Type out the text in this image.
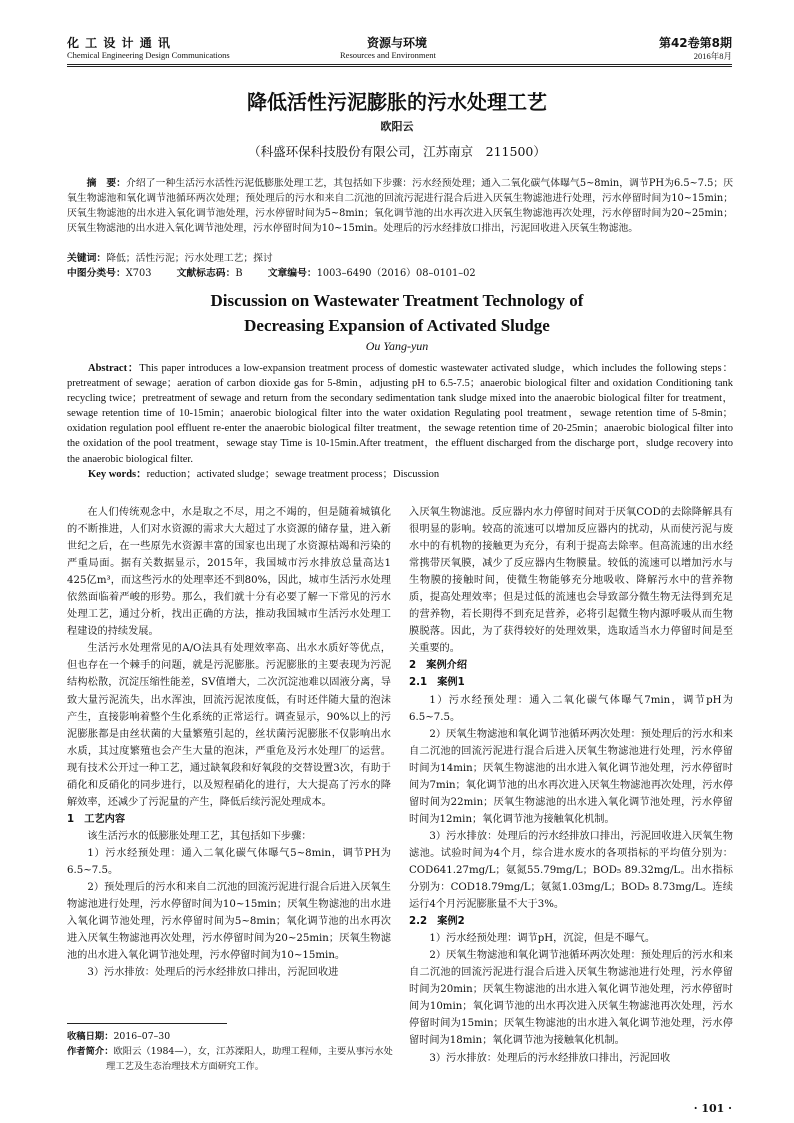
化 工 设 计 通 讯
Chemical Engineering Design Communications
资源与环境
Resources and Environment
第42卷第8期
2016年8月
降低活性污泥膨胀的污水处理工艺
欧阳云
（科盛环保科技股份有限公司，江苏南京　211500）
摘　要：介绍了一种生活污水活性污泥低膨胀处理工艺，其包括如下步骤：污水经预处理；通入二氧化碳气体曝气5~8min，调节PH为6.5~7.5；厌氧生物滤池和氧化调节池循环两次处理；预处理后的污水和来自二沉池的回流污泥进行混合后进入厌氧生物滤池进行处理，污水停留时间为10~15min；厌氧生物滤池的出水进入氧化调节池处理，污水停留时间为5~8min；氧化调节池的出水再次进入厌氧生物滤池再次处理，污水停留时间为20~25min；厌氧生物滤池的出水进入氧化调节池处理，污水停留时间为10~15min。处理后的污水经排放口排出，污泥回收进入厌氧生物滤池。
关键词：降低；活性污泥；污水处理工艺；探讨
中图分类号：X703	文献标志码：B	文章编号：1003–6490（2016）08–0101–02
Discussion on Wastewater Treatment Technology of
Decreasing Expansion of Activated Sludge
Ou Yang-yun
Abstract：This paper introduces a low-expansion treatment process of domestic wastewater activated sludge，which includes the following steps：pretreatment of sewage；aeration of carbon dioxide gas for 5-8min，adjusting pH to 6.5-7.5；anaerobic biological filter and oxidation Conditioning tank recycling twice；pretreatment of sewage and return from the secondary sedimentation tank sludge mixed into the anaerobic biological filter for treatment，sewage retention time of 10-15min；anaerobic biological filter into the water oxidation Regulating pool treatment，sewage retention time of 5-8min；oxidation regulation pool effluent re-enter the anaerobic biological filter treatment，the sewage retention time of 20-25min；anaerobic biological filter into the oxidation of the pool treatment，sewage stay Time is 10-15min.After treatment，the effluent discharged from the discharge port，sludge recovery into the anaerobic biological filter.
Key words：reduction；activated sludge；sewage treatment process；Discussion

在人们传统观念中，水是取之不尽，用之不竭的，但是随着城镇化的不断推进，人们对水资源的需求大大超过了水资源的储存量，进入新世纪之后，在一些原先水资源丰富的国家也出现了水资源枯竭和污染的严重局面。据有关数据显示，2015年，我国城市污水排放总量高达1 425亿m³，而这些污水的处理率还不到80%，因此，城市生活污水处理依然面临着严峻的形势。那么，我们就十分有必要了解一下常见的污水处理工艺，通过分析，找出正确的方法，推动我国城市生活污水处理工程建设的持续发展。

生活污水处理常见的A/O法具有处理效率高、出水水质好等优点，但也存在一个棘手的问题，就是污泥膨胀。污泥膨胀的主要表现为污泥结构松散，沉淀压缩性能差，SV值增大，二次沉淀池难以固液分离，导致大量污泥流失，出水浑浊，回流污泥浓度低，有时还伴随大量的泡沫产生，直接影响着整个生化系统的正常运行。调查显示，90%以上的污泥膨胀都是由丝状菌的大量繁殖引起的，丝状菌污泥膨胀不仅影响出水水质，其过度繁殖也会产生大量的泡沫，严重危及污水处理厂的运营。现有技术公开过一种工艺，通过缺氧段和好氧段的交替设置3次，有助于硝化和反硝化的同步进行，以及短程硝化的进行，大大提高了污水的降解效率，还减少了污泥量的产生，降低后续污泥处理成本。

1　工艺内容

该生活污水的低膨胀处理工艺，其包括如下步骤：

1）污水经预处理：通入二氧化碳气体曝气5~8min，调节PH为6.5~7.5。

2）预处理后的污水和来自二沉池的回流污泥进行混合后进入厌氧生物滤池进行处理，污水停留时间为10~15min；厌氧生物滤池的出水进入氧化调节池处理，污水停留时间为5~8min；氧化调节池的出水再次进入厌氧生物滤池再次处理，污水停留时间为20~25min；厌氧生物滤池的出水进入氧化调节池处理，污水停留时间为10~15min。

3）污水排放：处理后的污水经排放口排出，污泥回收进

入厌氧生物滤池。反应器内水力停留时间对于厌氧COD的去除降解具有很明显的影响。较高的流速可以增加反应器内的扰动，从而使污泥与废水中的有机物的接触更为充分，有利于提高去除率。但高流速的出水经常携带厌氧膜，减少了反应器内生物膜量。较低的流速可以增加污水与生物膜的接触时间，使微生物能够充分地吸收、降解污水中的营养物质，提高处理效率；但是过低的流速也会导致部分微生物无法得到充足的营养物，若长期得不到充足营养，必将引起微生物内源呼吸从而生物膜脱落。因此，为了获得较好的处理效果，选取适当水力停留时间是至关重要的。

2　案例介绍

2.1　案例1

1）污水经预处理：通入二氧化碳气体曝气7min，调节pH为6.5~7.5。

2）厌氧生物滤池和氧化调节池循环两次处理：预处理后的污水和来自二沉池的回流污泥进行混合后进入厌氧生物滤池进行处理，污水停留时间为14min；厌氧生物滤池的出水进入氧化调节池处理，污水停留时间为7min；氧化调节池的出水再次进入厌氧生物滤池再次处理，污水停留时间为22min；厌氧生物滤池的出水进入氧化调节池处理，污水停留时间为12min；氧化调节池为接触氧化机制。

3）污水排放：处理后的污水经排放口排出，污泥回收进入厌氧生物滤池。试验时间为4个月，综合进水废水的各项指标的平均值分别为：COD641.27mg/L；氨氮55.79mg/L；BOD₅ 89.32mg/L。出水指标分别为：COD18.79mg/L；氨氮1.03mg/L；BOD₅ 8.73mg/L。连续运行4个月污泥膨胀量不大于3%。

2.2　案例2

1）污水经预处理：调节pH，沉淀，但是不曝气。

2）厌氧生物滤池和氧化调节池循环两次处理：预处理后的污水和来自二沉池的回流污泥进行混合后进入厌氧生物滤池进行处理，污水停留时间为20min；厌氧生物滤池的出水进入氧化调节池处理，污水停留时间为10min；氧化调节池的出水再次进入厌氧生物滤池再次处理，污水停留时间为15min；厌氧生物滤池的出水进入氧化调节池处理，污水停留时间为18min；氧化调节池为接触氧化机制。

3）污水排放：处理后的污水经排放口排出，污泥回收

收稿日期：2016–07–30
作者简介：欧阳云（1984—），女，江苏溧阳人，助理工程师，主要从事污水处理工艺及生态治理技术方面研究工作。
· 101 ·
